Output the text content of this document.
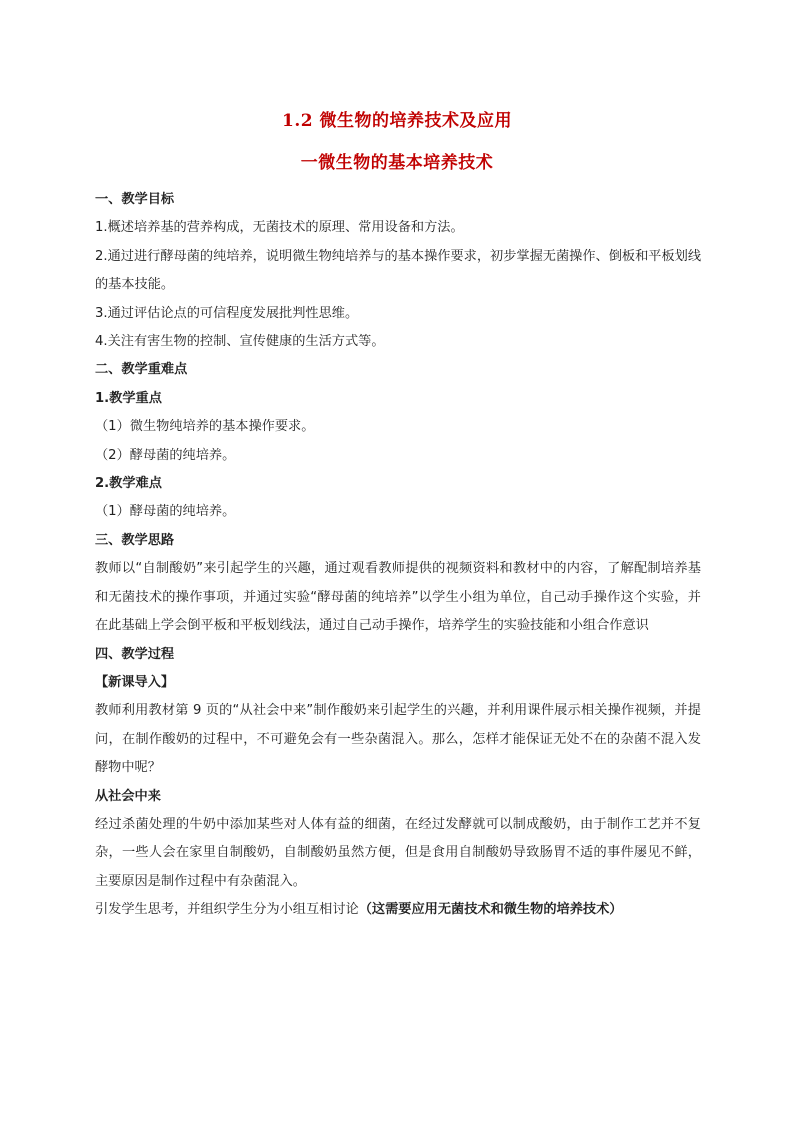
1.2 微生物的培养技术及应用
一微生物的基本培养技术

一、教学目标

1.概述培养基的营养构成，无菌技术的原理、常用设备和方法。

2.通过进行酵母菌的纯培养，说明微生物纯培养与的基本操作要求，初步掌握无菌操作、倒板和平板划线的基本技能。

3.通过评估论点的可信程度发展批判性思维。

4.关注有害生物的控制、宣传健康的生活方式等。

二、教学重难点

1.教学重点

（1）微生物纯培养的基本操作要求。

（2）酵母菌的纯培养。

2.教学难点

（1）酵母菌的纯培养。

三、教学思路

教师以“自制酸奶”来引起学生的兴趣，通过观看教师提供的视频资料和教材中的内容，了解配制培养基和无菌技术的操作事项，并通过实验“酵母菌的纯培养”以学生小组为单位，自己动手操作这个实验，并在此基础上学会倒平板和平板划线法，通过自己动手操作，培养学生的实验技能和小组合作意识

四、教学过程

【新课导入】

教师利用教材第 9 页的“从社会中来”制作酸奶来引起学生的兴趣，并利用课件展示相关操作视频，并提问，在制作酸奶的过程中，不可避免会有一些杂菌混入。那么，怎样才能保证无处不在的杂菌不混入发酵物中呢？

从社会中来

经过杀菌处理的牛奶中添加某些对人体有益的细菌，在经过发酵就可以制成酸奶，由于制作工艺并不复杂，一些人会在家里自制酸奶，自制酸奶虽然方便，但是食用自制酸奶导致肠胃不适的事件屡见不鲜，主要原因是制作过程中有杂菌混入。

引发学生思考，并组织学生分为小组互相讨论（这需要应用无菌技术和微生物的培养技术）
